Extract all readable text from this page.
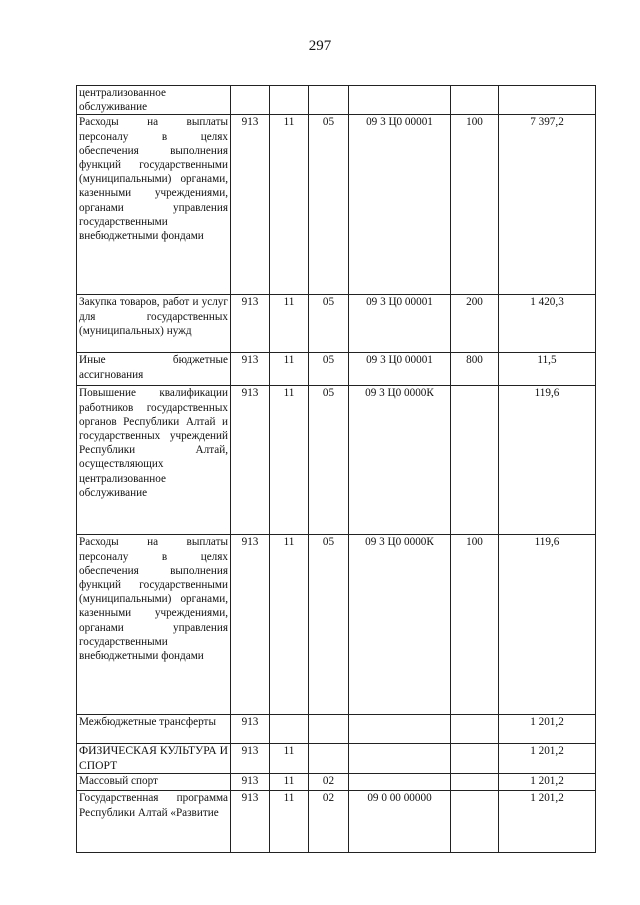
297
централизованное обслуживание						
Расходы на выплаты персоналу в целях обеспечения выполнения функций государственными (муниципальными) органами, казенными учреждениями, органами управления государственными внебюджетными фондами	913	11	05	09 3 Ц0 00001	100	7 397,2
Закупка товаров, работ и услуг для государственных (муниципальных) нужд	913	11	05	09 3 Ц0 00001	200	1 420,3
Иные бюджетные ассигнования	913	11	05	09 3 Ц0 00001	800	11,5
Повышение квалификации работников государственных органов Республики Алтай и государственных учреждений Республики Алтай, осуществляющих централизованное обслуживание	913	11	05	09 3 Ц0 0000К		119,6
Расходы на выплаты персоналу в целях обеспечения выполнения функций государственными (муниципальными) органами, казенными учреждениями, органами управления государственными внебюджетными фондами	913	11	05	09 3 Ц0 0000К	100	119,6
Межбюджетные трансферты	913					1 201,2
ФИЗИЧЕСКАЯ КУЛЬТУРА И СПОРТ	913	11				1 201,2
Массовый спорт	913	11	02			1 201,2
Государственная программа Республики Алтай «Развитие	913	11	02	09 0 00 00000		1 201,2
